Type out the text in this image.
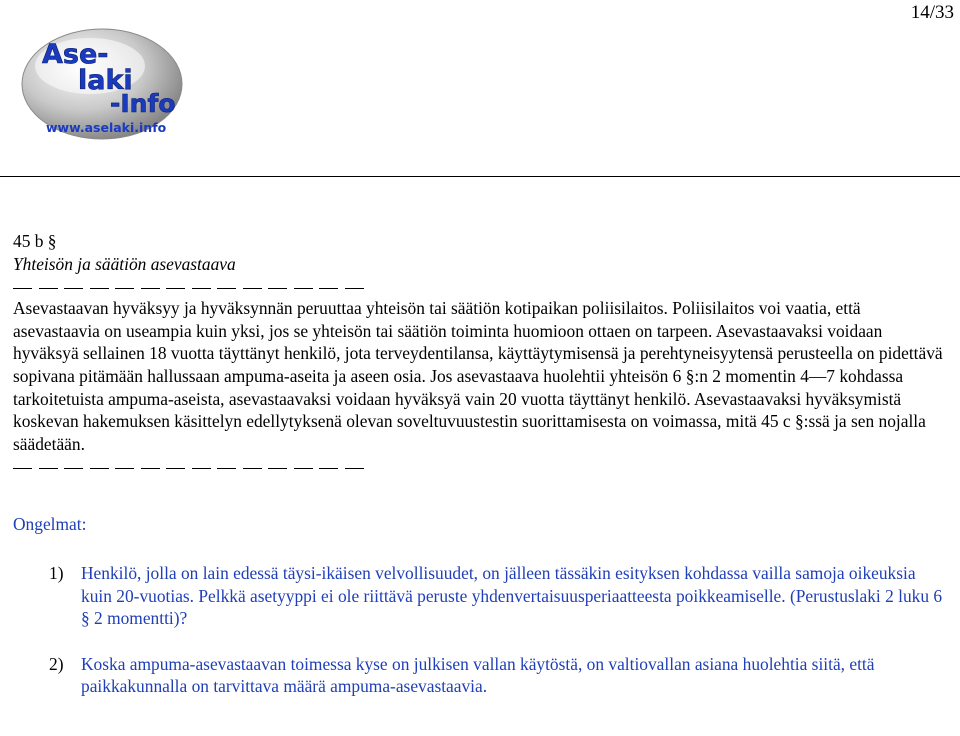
14/33
Ase-
laki
-Info
www.aselaki.info

45 b §

Yhteisön ja säätiön asevastaava

Asevastaavan hyväksyy ja hyväksynnän peruuttaa yhteisön tai säätiön kotipaikan poliisilaitos. Poliisilaitos voi vaatia, että asevastaavia on useampia kuin yksi, jos se yhteisön tai säätiön toiminta huomioon ottaen on tarpeen. Asevastaavaksi voidaan hyväksyä sellainen 18 vuotta täyttänyt henkilö, jota terveydentilansa, käyttäytymisensä ja perehtyneisyytensä perusteella on pidettävä sopivana pitämään hallussaan ampuma-aseita ja aseen osia. Jos asevastaava huolehtii yhteisön 6 §:n 2 momentin 4—7 kohdassa tarkoitetuista ampuma-aseista, asevastaavaksi voidaan hyväksyä vain 20 vuotta täyttänyt henkilö. Asevastaavaksi hyväksymistä koskevan hakemuksen käsittelyn edellytyksenä olevan soveltuvuustestin suorittamisesta on voimassa, mitä 45 c §:ssä ja sen nojalla säädetään.

Ongelmat:

1) Henkilö, jolla on lain edessä täysi-ikäisen velvollisuudet, on jälleen tässäkin esityksen kohdassa vailla samoja oikeuksia kuin 20-vuotias. Pelkkä asetyyppi ei ole riittävä peruste yhdenvertaisuusperiaatteesta poikkeamiselle. (Perustuslaki 2 luku 6 § 2 momentti)?
2) Koska ampuma-asevastaavan toimessa kyse on julkisen vallan käytöstä, on valtiovallan asiana huolehtia siitä, että paikkakunnalla on tarvittava määrä ampuma-asevastaavia.
